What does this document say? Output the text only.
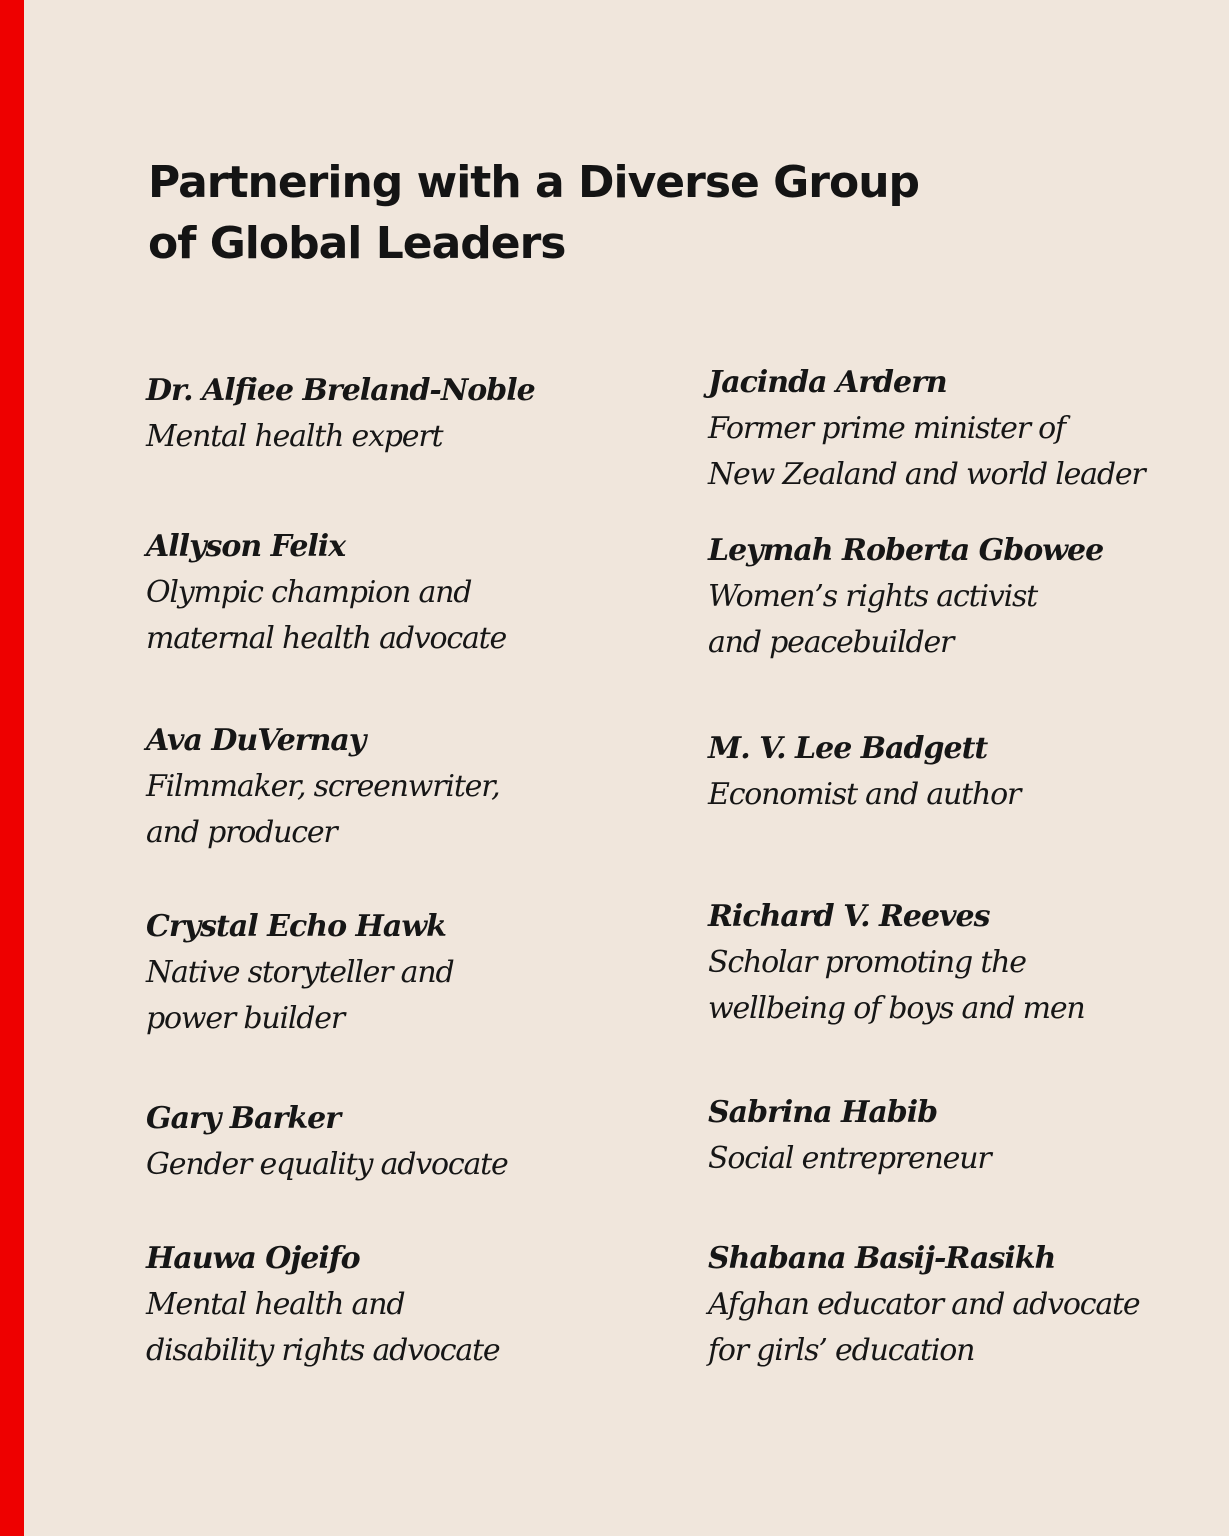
Partnering with a Diverse Group
of Global Leaders
Dr. Alfiee Breland-Noble
Mental health expert
Allyson Felix
Olympic champion and
maternal health advocate
Ava DuVernay
Filmmaker, screenwriter,
and producer
Crystal Echo Hawk
Native storyteller and
power builder
Gary Barker
Gender equality advocate
Hauwa Ojeifo
Mental health and
disability rights advocate
Jacinda Ardern
Former prime minister of
New Zealand and world leader
Leymah Roberta Gbowee
Women’s rights activist
and peacebuilder
M. V. Lee Badgett
Economist and author
Richard V. Reeves
Scholar promoting the
wellbeing of boys and men
Sabrina Habib
Social entrepreneur
Shabana Basij-Rasikh
Afghan educator and advocate
for girls’ education
